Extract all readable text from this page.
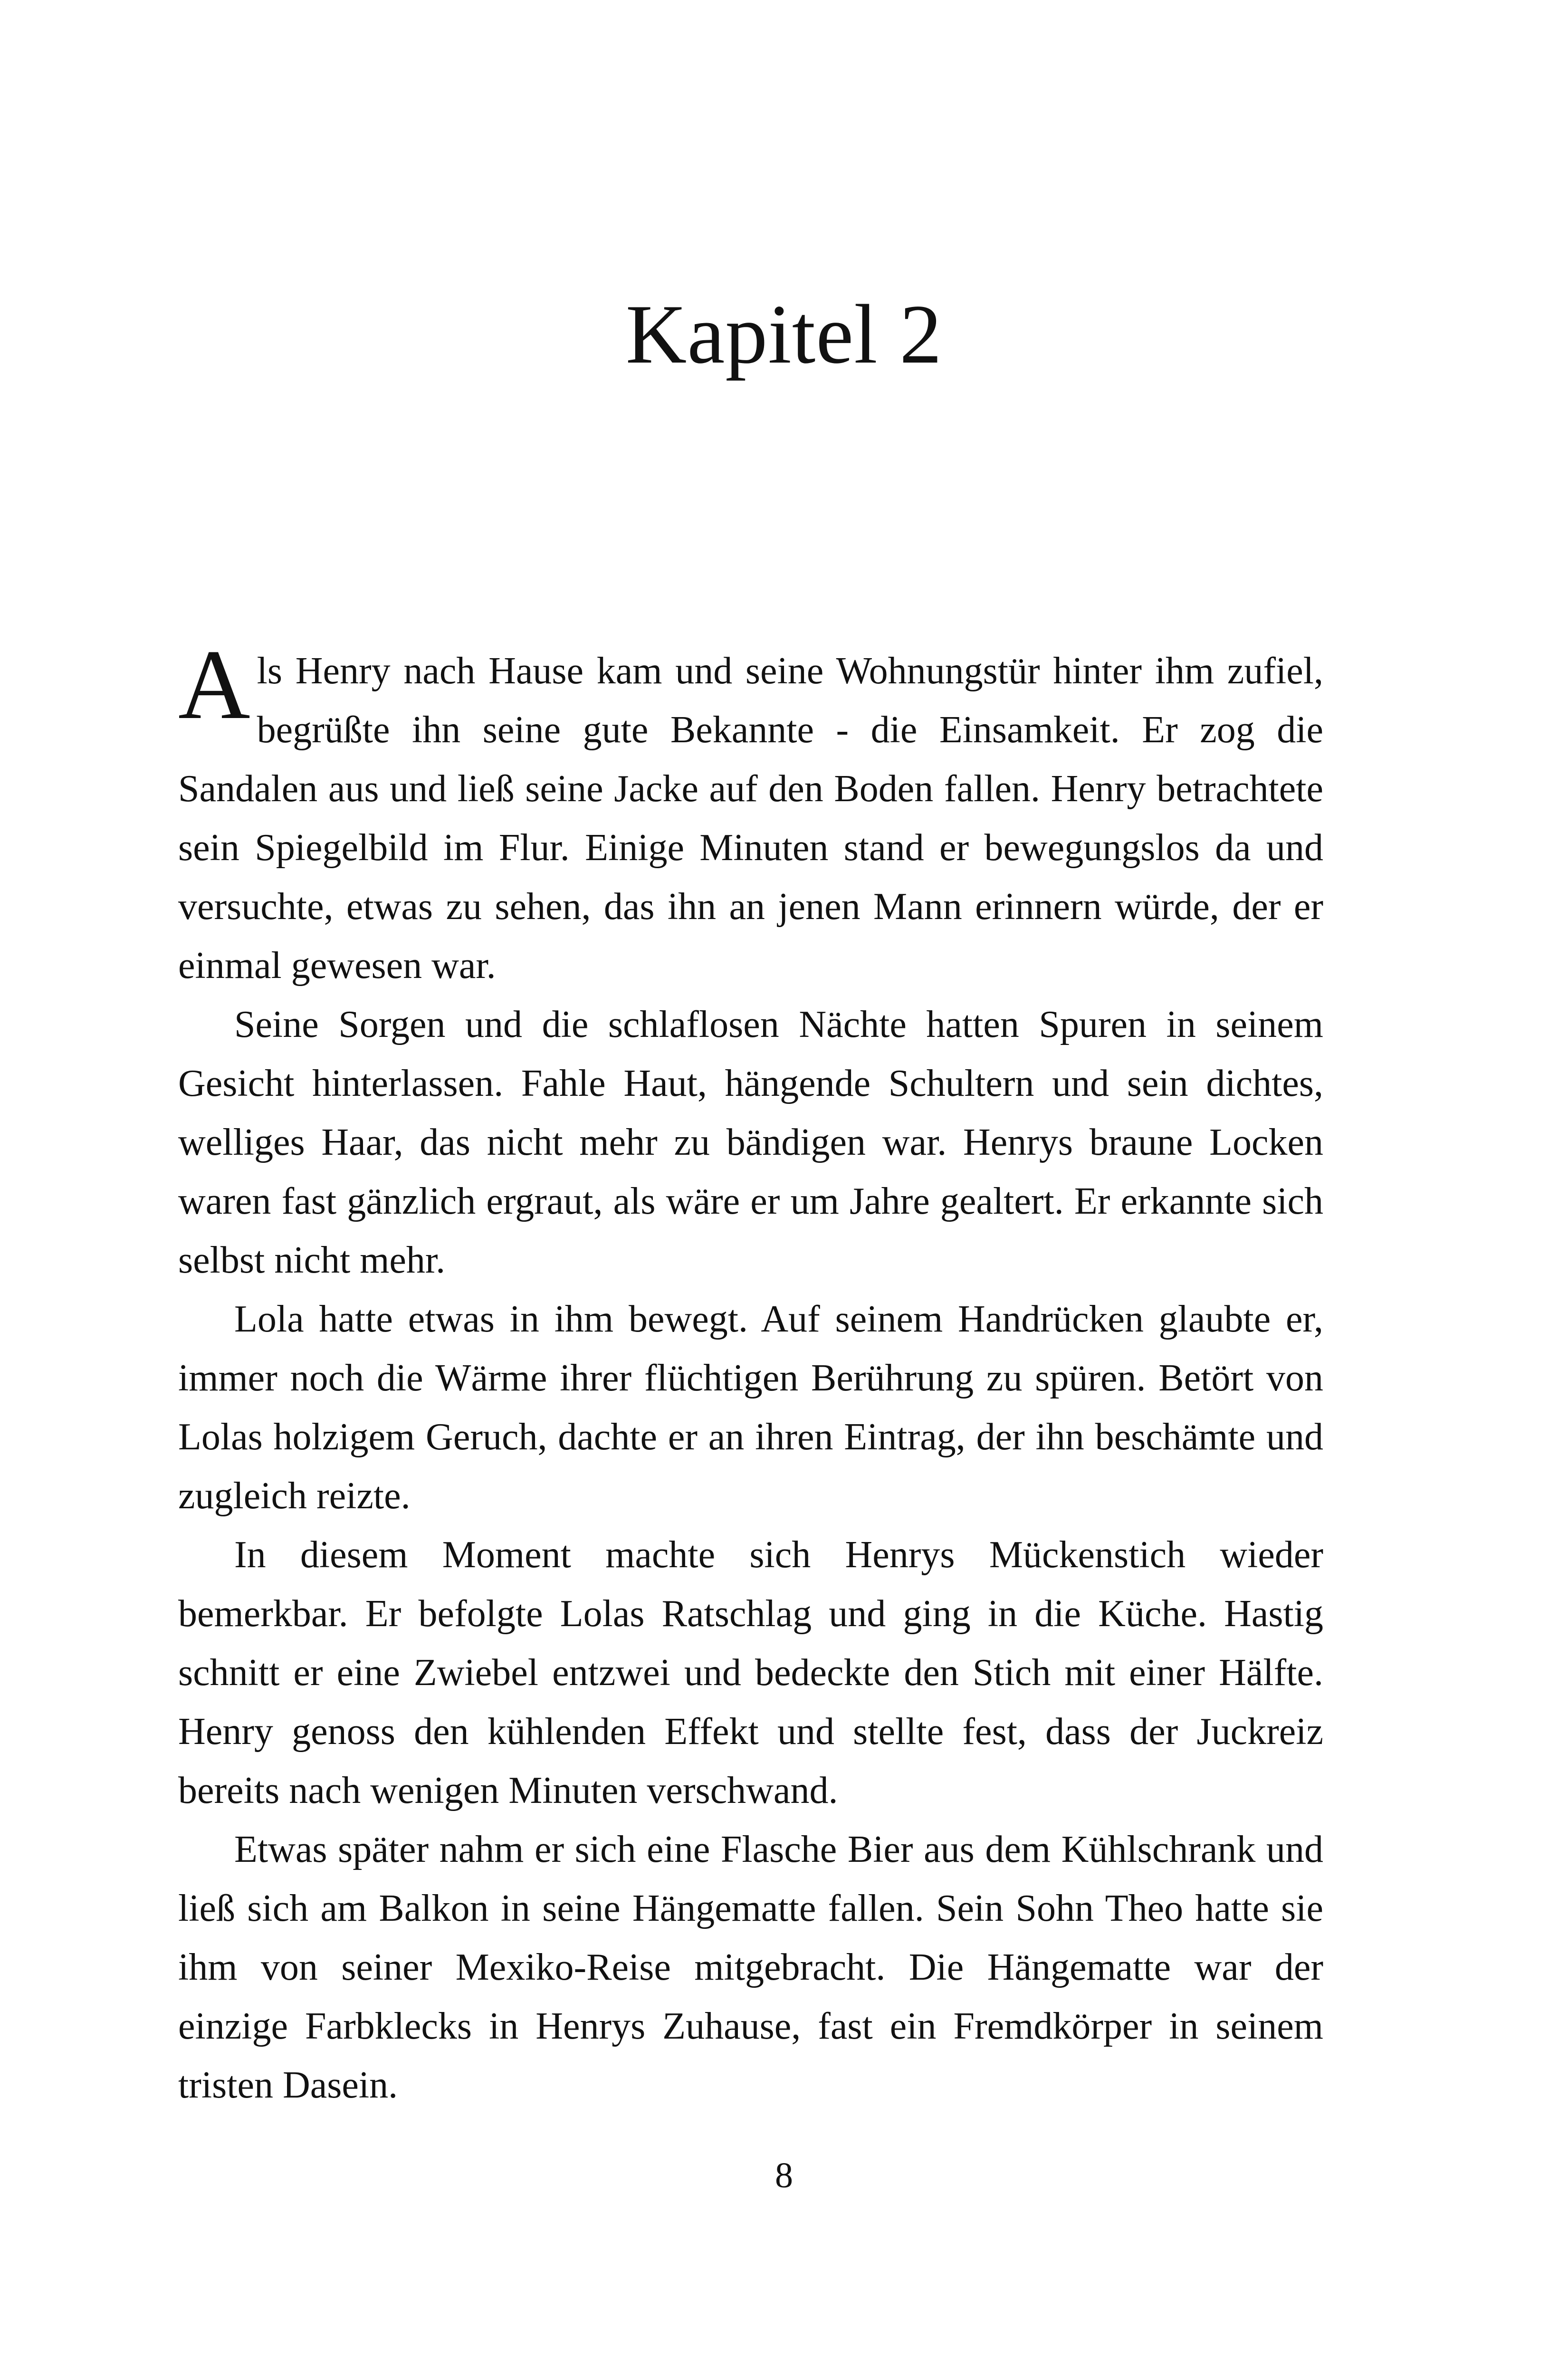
Kapitel 2

Als Henry nach Hause kam und seine Wohnungstür hinter ihm zufiel, begrüßte ihn seine gute Bekannte - die Einsamkeit. Er zog die Sandalen aus und ließ seine Jacke auf den Boden fallen. Henry betrachtete sein Spiegelbild im Flur. Einige Minuten stand er bewegungslos da und versuchte, etwas zu sehen, das ihn an jenen Mann erinnern würde, der er einmal gewesen war.

Seine Sorgen und die schlaflosen Nächte hatten Spuren in seinem Gesicht hinterlassen. Fahle Haut, hängende Schultern und sein dichtes, welliges Haar, das nicht mehr zu bändigen war. Henrys braune Locken waren fast gänzlich ergraut, als wäre er um Jahre gealtert. Er erkannte sich selbst nicht mehr.

Lola hatte etwas in ihm bewegt. Auf seinem Handrücken glaubte er, immer noch die Wärme ihrer flüchtigen Berührung zu spüren. Betört von Lolas holzigem Geruch, dachte er an ihren Eintrag, der ihn beschämte und zugleich reizte.

In diesem Moment machte sich Henrys Mückenstich wieder bemerkbar. Er befolgte Lolas Ratschlag und ging in die Küche. Hastig schnitt er eine Zwiebel entzwei und bedeckte den Stich mit einer Hälfte. Henry genoss den kühlenden Effekt und stellte fest, dass der Juckreiz bereits nach wenigen Minuten verschwand.

Etwas später nahm er sich eine Flasche Bier aus dem Kühlschrank und ließ sich am Balkon in seine Hängematte fallen. Sein Sohn Theo hatte sie ihm von seiner Mexiko-Reise mitgebracht. Die Hängematte war der einzige Farbklecks in Henrys Zuhause, fast ein Fremdkörper in seinem tristen Dasein.

8
